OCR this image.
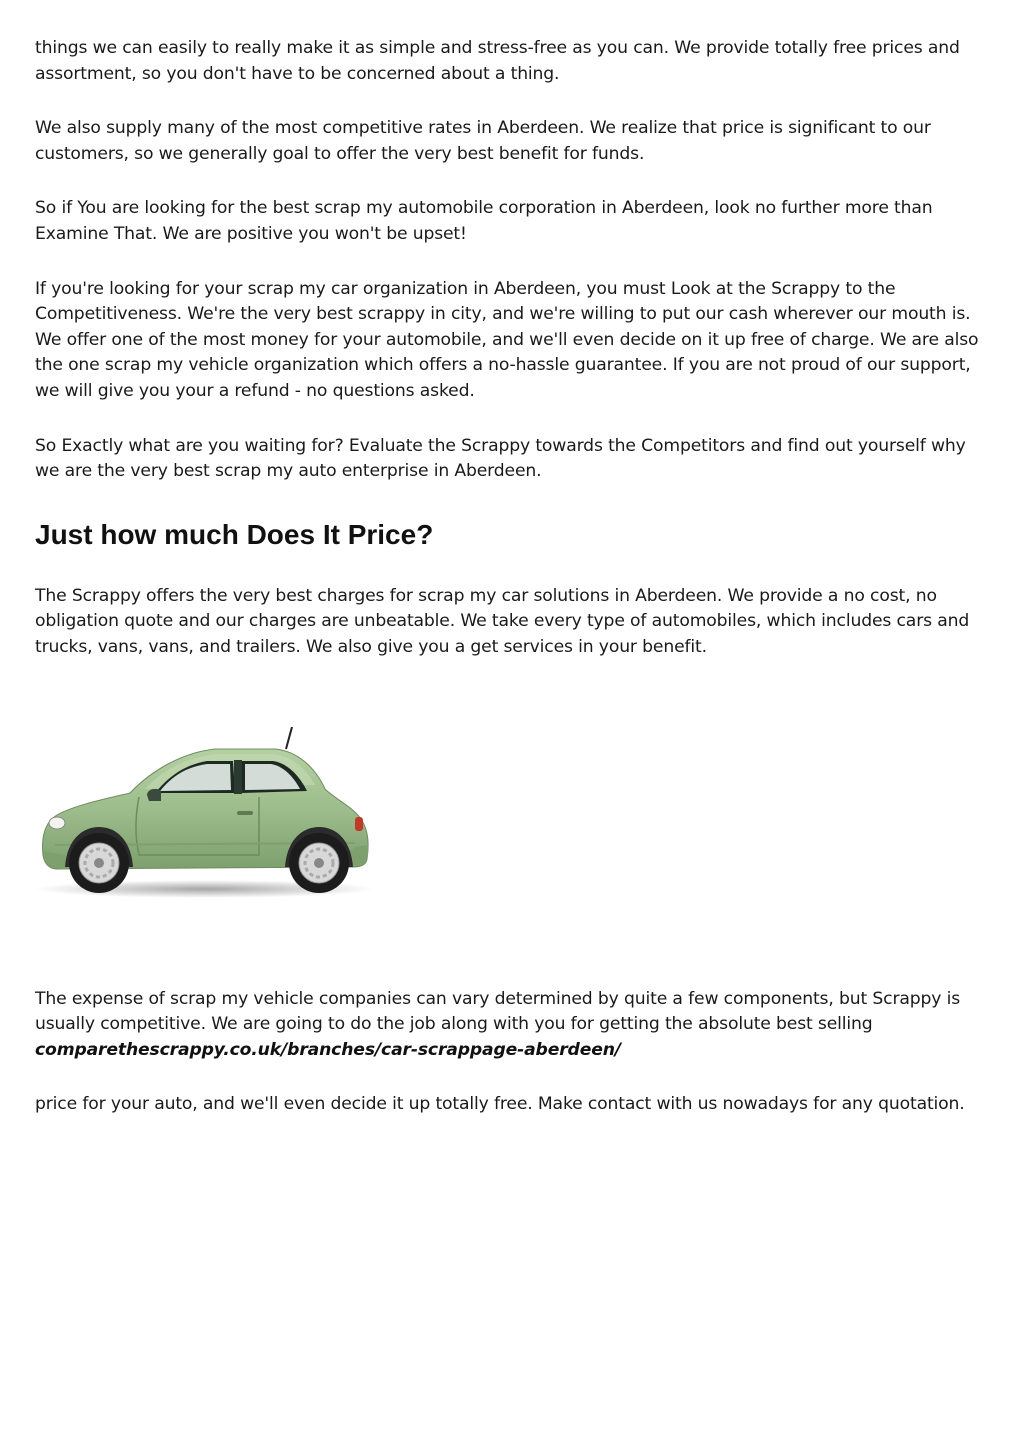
things we can easily to really make it as simple and stress-free as you can. We provide totally free prices and assortment, so you don't have to be concerned about a thing.

We also supply many of the most competitive rates in Aberdeen. We realize that price is significant to our customers, so we generally goal to offer the very best benefit for funds.

So if You are looking for the best scrap my automobile corporation in Aberdeen, look no further more than Examine That. We are positive you won't be upset!

If you're looking for your scrap my car organization in Aberdeen, you must Look at the Scrappy to the Competitiveness. We're the very best scrappy in city, and we're willing to put our cash wherever our mouth is. We offer one of the most money for your automobile, and we'll even decide on it up free of charge. We are also the one scrap my vehicle organization which offers a no-hassle guarantee. If you are not proud of our support, we will give you your a refund - no questions asked.

So Exactly what are you waiting for? Evaluate the Scrappy towards the Competitors and find out yourself why we are the very best scrap my auto enterprise in Aberdeen.

Just how much Does It Price?

The Scrappy offers the very best charges for scrap my car solutions in Aberdeen. We provide a no cost, no obligation quote and our charges are unbeatable. We take every type of automobiles, which includes cars and trucks, vans, vans, and trailers. We also give you a get services in your benefit.

The expense of scrap my vehicle companies can vary determined by quite a few components, but Scrappy is usually competitive. We are going to do the job along with you for getting the absolute best selling
comparethescrappy.co.uk/branches/car-scrappage-aberdeen/

price for your auto, and we'll even decide it up totally free. Make contact with us nowadays for any quotation.
